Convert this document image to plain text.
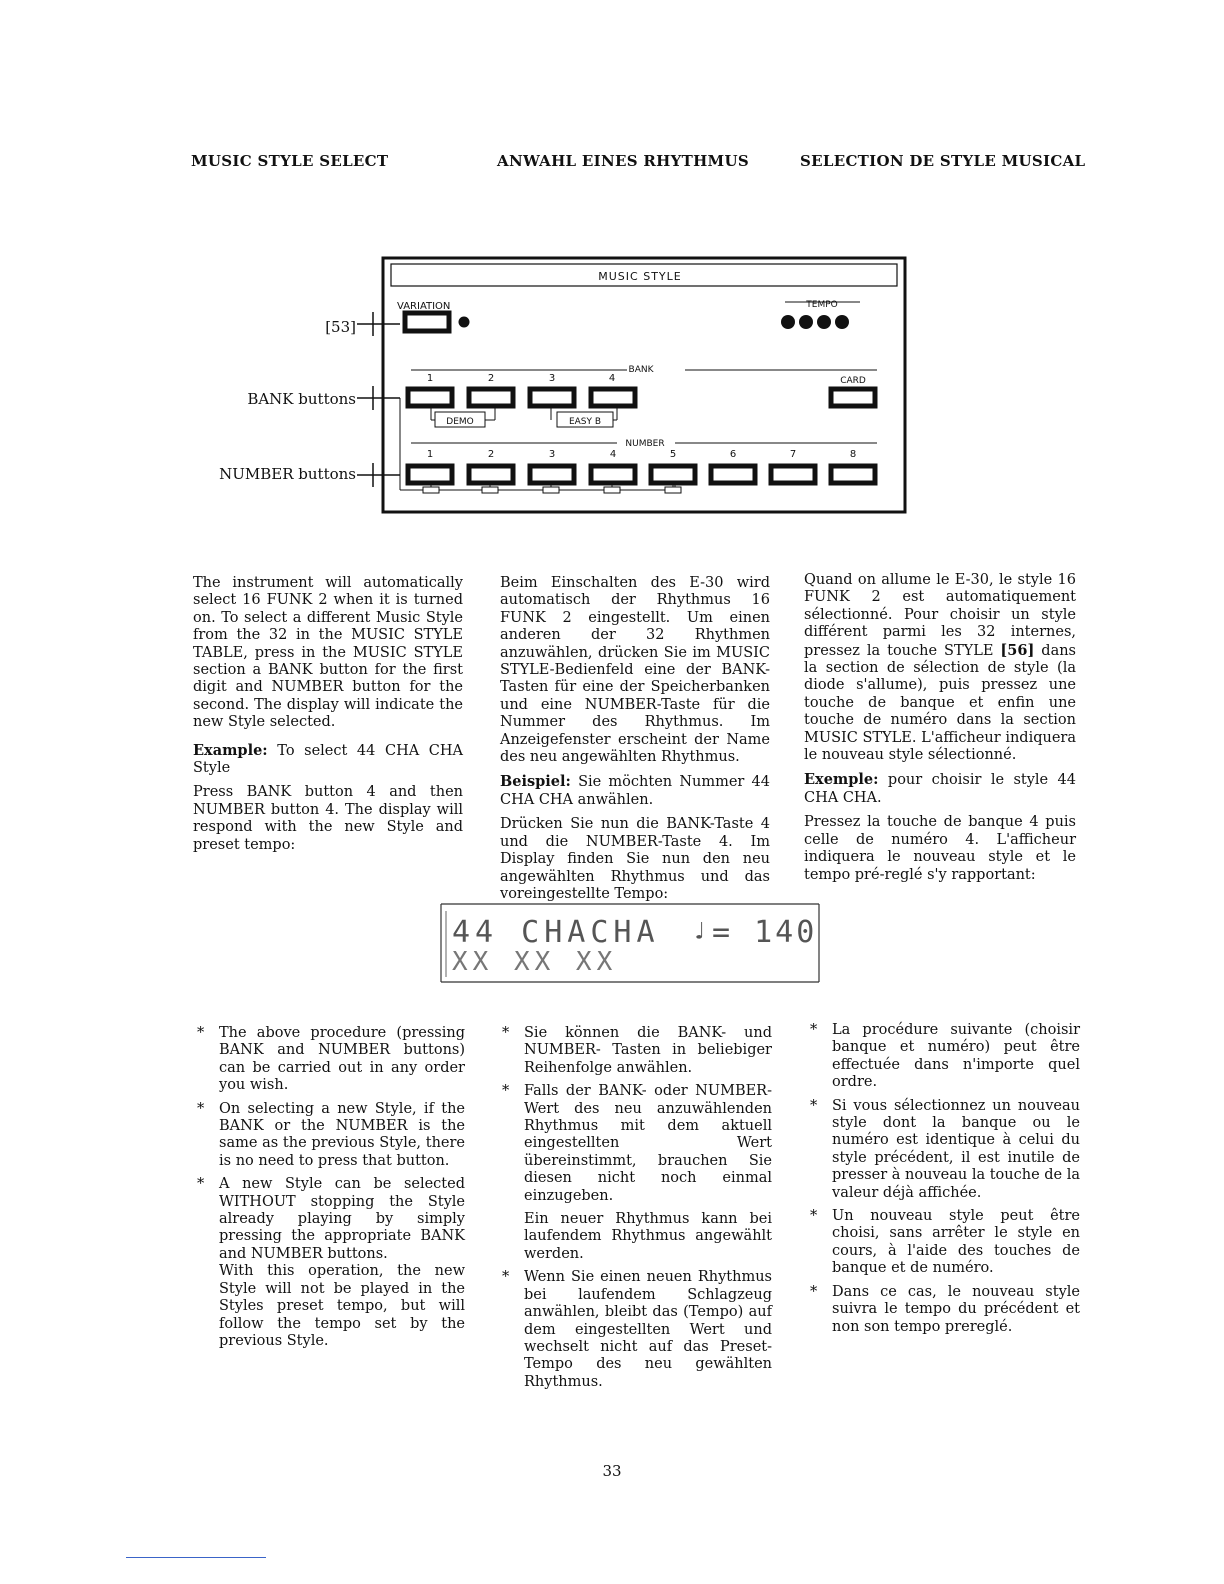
MUSIC STYLE SELECT	ANWAHL EINES RHYTHMUS	SELECTION DE STYLE MUSICAL
[53]
BANK buttons
NUMBER buttons
MUSIC STYLE
VARIATION	TEMPO
BANK
CARD
NUMBER
1	2	3	4
DEMO	EASY B
1	2	3	4	5	6	7	8

The instrument will automatically select 16 FUNK 2 when it is turned on. To select a different Music Style from the 32 in the MUSIC STYLE TABLE, press in the MUSIC STYLE section a BANK button for the first digit and NUMBER button for the second. The display will indicate the new Style selected.

Example: To select 44 CHA CHA Style

Press BANK button 4 and then NUMBER button 4. The display will respond with the new Style and preset tempo:

Beim Einschalten des E-30 wird automatisch der Rhythmus 16 FUNK 2 eingestellt. Um einen anderen der 32 Rhythmen anzuwählen, drücken Sie im MUSIC STYLE-Bedienfeld eine der BANK-Tasten für eine der Speicherbanken und eine NUMBER-Taste für die Nummer des Rhythmus. Im Anzeigefenster erscheint der Name des neu angewählten Rhythmus.

Beispiel: Sie möchten Nummer 44 CHA CHA anwählen.

Drücken Sie nun die BANK-Taste 4 und die NUMBER-Taste 4. Im Display finden Sie nun den neu angewählten Rhythmus und das voreingestellte Tempo:

Quand on allume le E-30, le style 16 FUNK 2 est automatiquement sélectionné. Pour choisir un style différent parmi les 32 internes, pressez la touche STYLE [56] dans la section de sélection de style (la diode s'allume), puis pressez une touche de banque et enfin une touche de numéro dans la section MUSIC STYLE. L'afficheur indiquera le nouveau style sélectionné.

Exemple: pour choisir le style 44 CHA CHA.

Pressez la touche de banque 4 puis celle de numéro 4. L'afficheur indiquera le nouveau style et le tempo pré-reglé s'y rapportant:

44 CHACHA ♩ = 140
XX XX XX
* The above procedure (pressing BANK and NUMBER buttons) can be carried out in any order you wish.
* On selecting a new Style, if the BANK or the NUMBER is the same as the previous Style, there is no need to press that button.
* A new Style can be selected WITHOUT stopping the Style already playing by simply pressing the appropriate BANK and NUMBER buttons.
With this operation, the new Style will not be played in the Styles preset tempo, but will follow the tempo set by the previous Style.
* Sie können die BANK- und NUMBER- Tasten in beliebiger Reihenfolge anwählen.
* Falls der BANK- oder NUMBER-Wert des neu anzuwählenden Rhythmus mit dem aktuell eingestellten Wert übereinstimmt, brauchen Sie diesen nicht noch einmal einzugeben.
Ein neuer Rhythmus kann bei laufendem Rhythmus angewählt werden.
* Wenn Sie einen neuen Rhythmus bei laufendem Schlagzeug anwählen, bleibt das (Tempo) auf dem eingestellten Wert und wechselt nicht auf das Preset-Tempo des neu gewählten Rhythmus.
* La procédure suivante (choisir banque et numéro) peut être effectuée dans n'importe quel ordre.
* Si vous sélectionnez un nouveau style dont la banque ou le numéro est identique à celui du style précédent, il est inutile de presser à nouveau la touche de la valeur déjà affichée.
* Un nouveau style peut être choisi, sans arrêter le style en cours, à l'aide des touches de banque et de numéro.
* Dans ce cas, le nouveau style suivra le tempo du précédent et non son tempo prereglé.
33
